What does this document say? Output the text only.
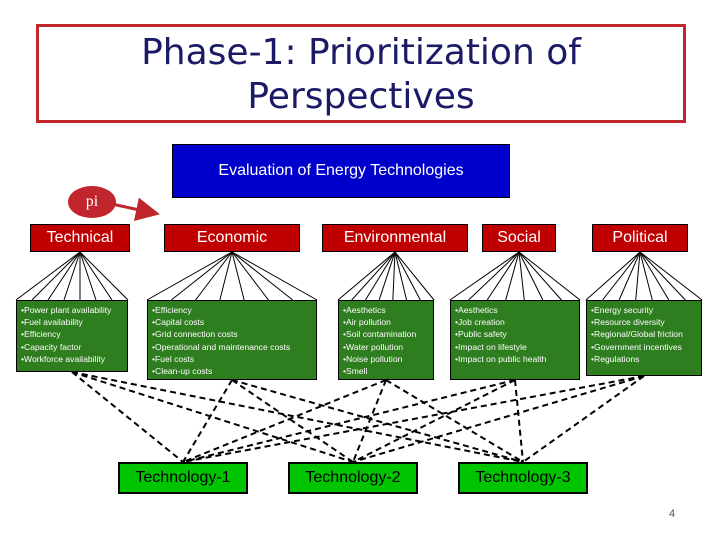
Phase-1: Prioritization of
Perspectives
Evaluation of Energy Technologies
pi
Technical	Economic	Environmental	Social	Political
•Power plant availability
•Fuel availability
•Efficiency
•Capacity factor
•Workforce availability
•Efficiency
•Capital costs
•Grid connection costs
•Operational and maintenance costs
•Fuel costs
•Clean-up costs
•Aesthetics
•Air pollution
•Soil contamination
•Water pollution
•Noise pollution
•Smell
•Aesthetics
•Job creation
•Public safety
•Impact on lifestyle
•Impact on public health
•Energy security
•Resource diversity
•Regional/Global friction
•Government incentives
•Regulations
Technology-1	Technology-2	Technology-3
4
